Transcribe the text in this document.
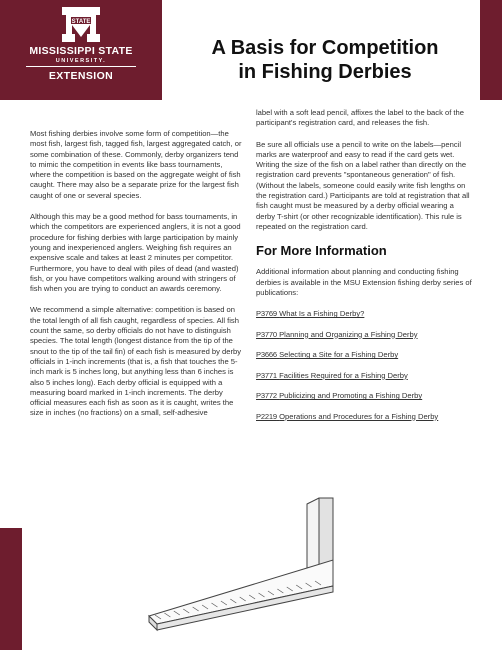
STATE
MISSISSIPPI STATE
UNIVERSITY.
EXTENSION
A Basis for Competition
in Fishing Derbies

Most fishing derbies involve some form of competition—the most fish, largest fish, tagged fish, largest aggregated catch, or some combination of these. Commonly, derby organizers tend to mimic the competition in events like bass tournaments, where the competition is based on the aggregate weight of fish caught. There may also be a separate prize for the largest fish caught of one or several species.

Although this may be a good method for bass tournaments, in which the competitors are experienced anglers, it is not a good procedure for fishing derbies with large participation by mainly young and inexperienced anglers. Weighing fish requires an expensive scale and takes at least 2 minutes per competitor. Furthermore, you have to deal with piles of dead (and wasted) fish, or you have competitors walking around with stringers of fish when you are trying to conduct an awards ceremony.

We recommend a simple alternative: competition is based on the total length of all fish caught, regardless of species. All fish count the same, so derby officials do not have to distinguish species. The total length (longest distance from the tip of the snout to the tip of the tail fin) of each fish is measured by derby officials in 1-inch increments (that is, a fish that touches the 5-inch mark is 5 inches long, but anything less than 6 inches is also 5 inches long). Each derby official is equipped with a measuring board marked in 1-inch increments. The derby official measures each fish as soon as it is caught, writes the size in inches (no fractions) on a small, self-adhesive

label with a soft lead pencil, affixes the label to the back of the participant's registration card, and releases the fish.

Be sure all officials use a pencil to write on the labels—pencil marks are waterproof and easy to read if the card gets wet. Writing the size of the fish on a label rather than directly on the registration card prevents "spontaneous generation" of fish. (Without the labels, someone could easily write fish lengths on the registration card.) Participants are told at registration that all fish caught must be measured by a derby official wearing a derby T-shirt (or other recognizable identification). This rule is repeated on the registration card.

For More Information

Additional information about planning and conducting fishing derbies is available in the MSU Extension fishing derby series of publications:

P3769 What Is a Fishing Derby?
P3770 Planning and Organizing a Fishing Derby
P3666 Selecting a Site for a Fishing Derby
P3771 Facilities Required for a Fishing Derby
P3772 Publicizing and Promoting a Fishing Derby
P2219 Operations and Procedures for a Fishing Derby
